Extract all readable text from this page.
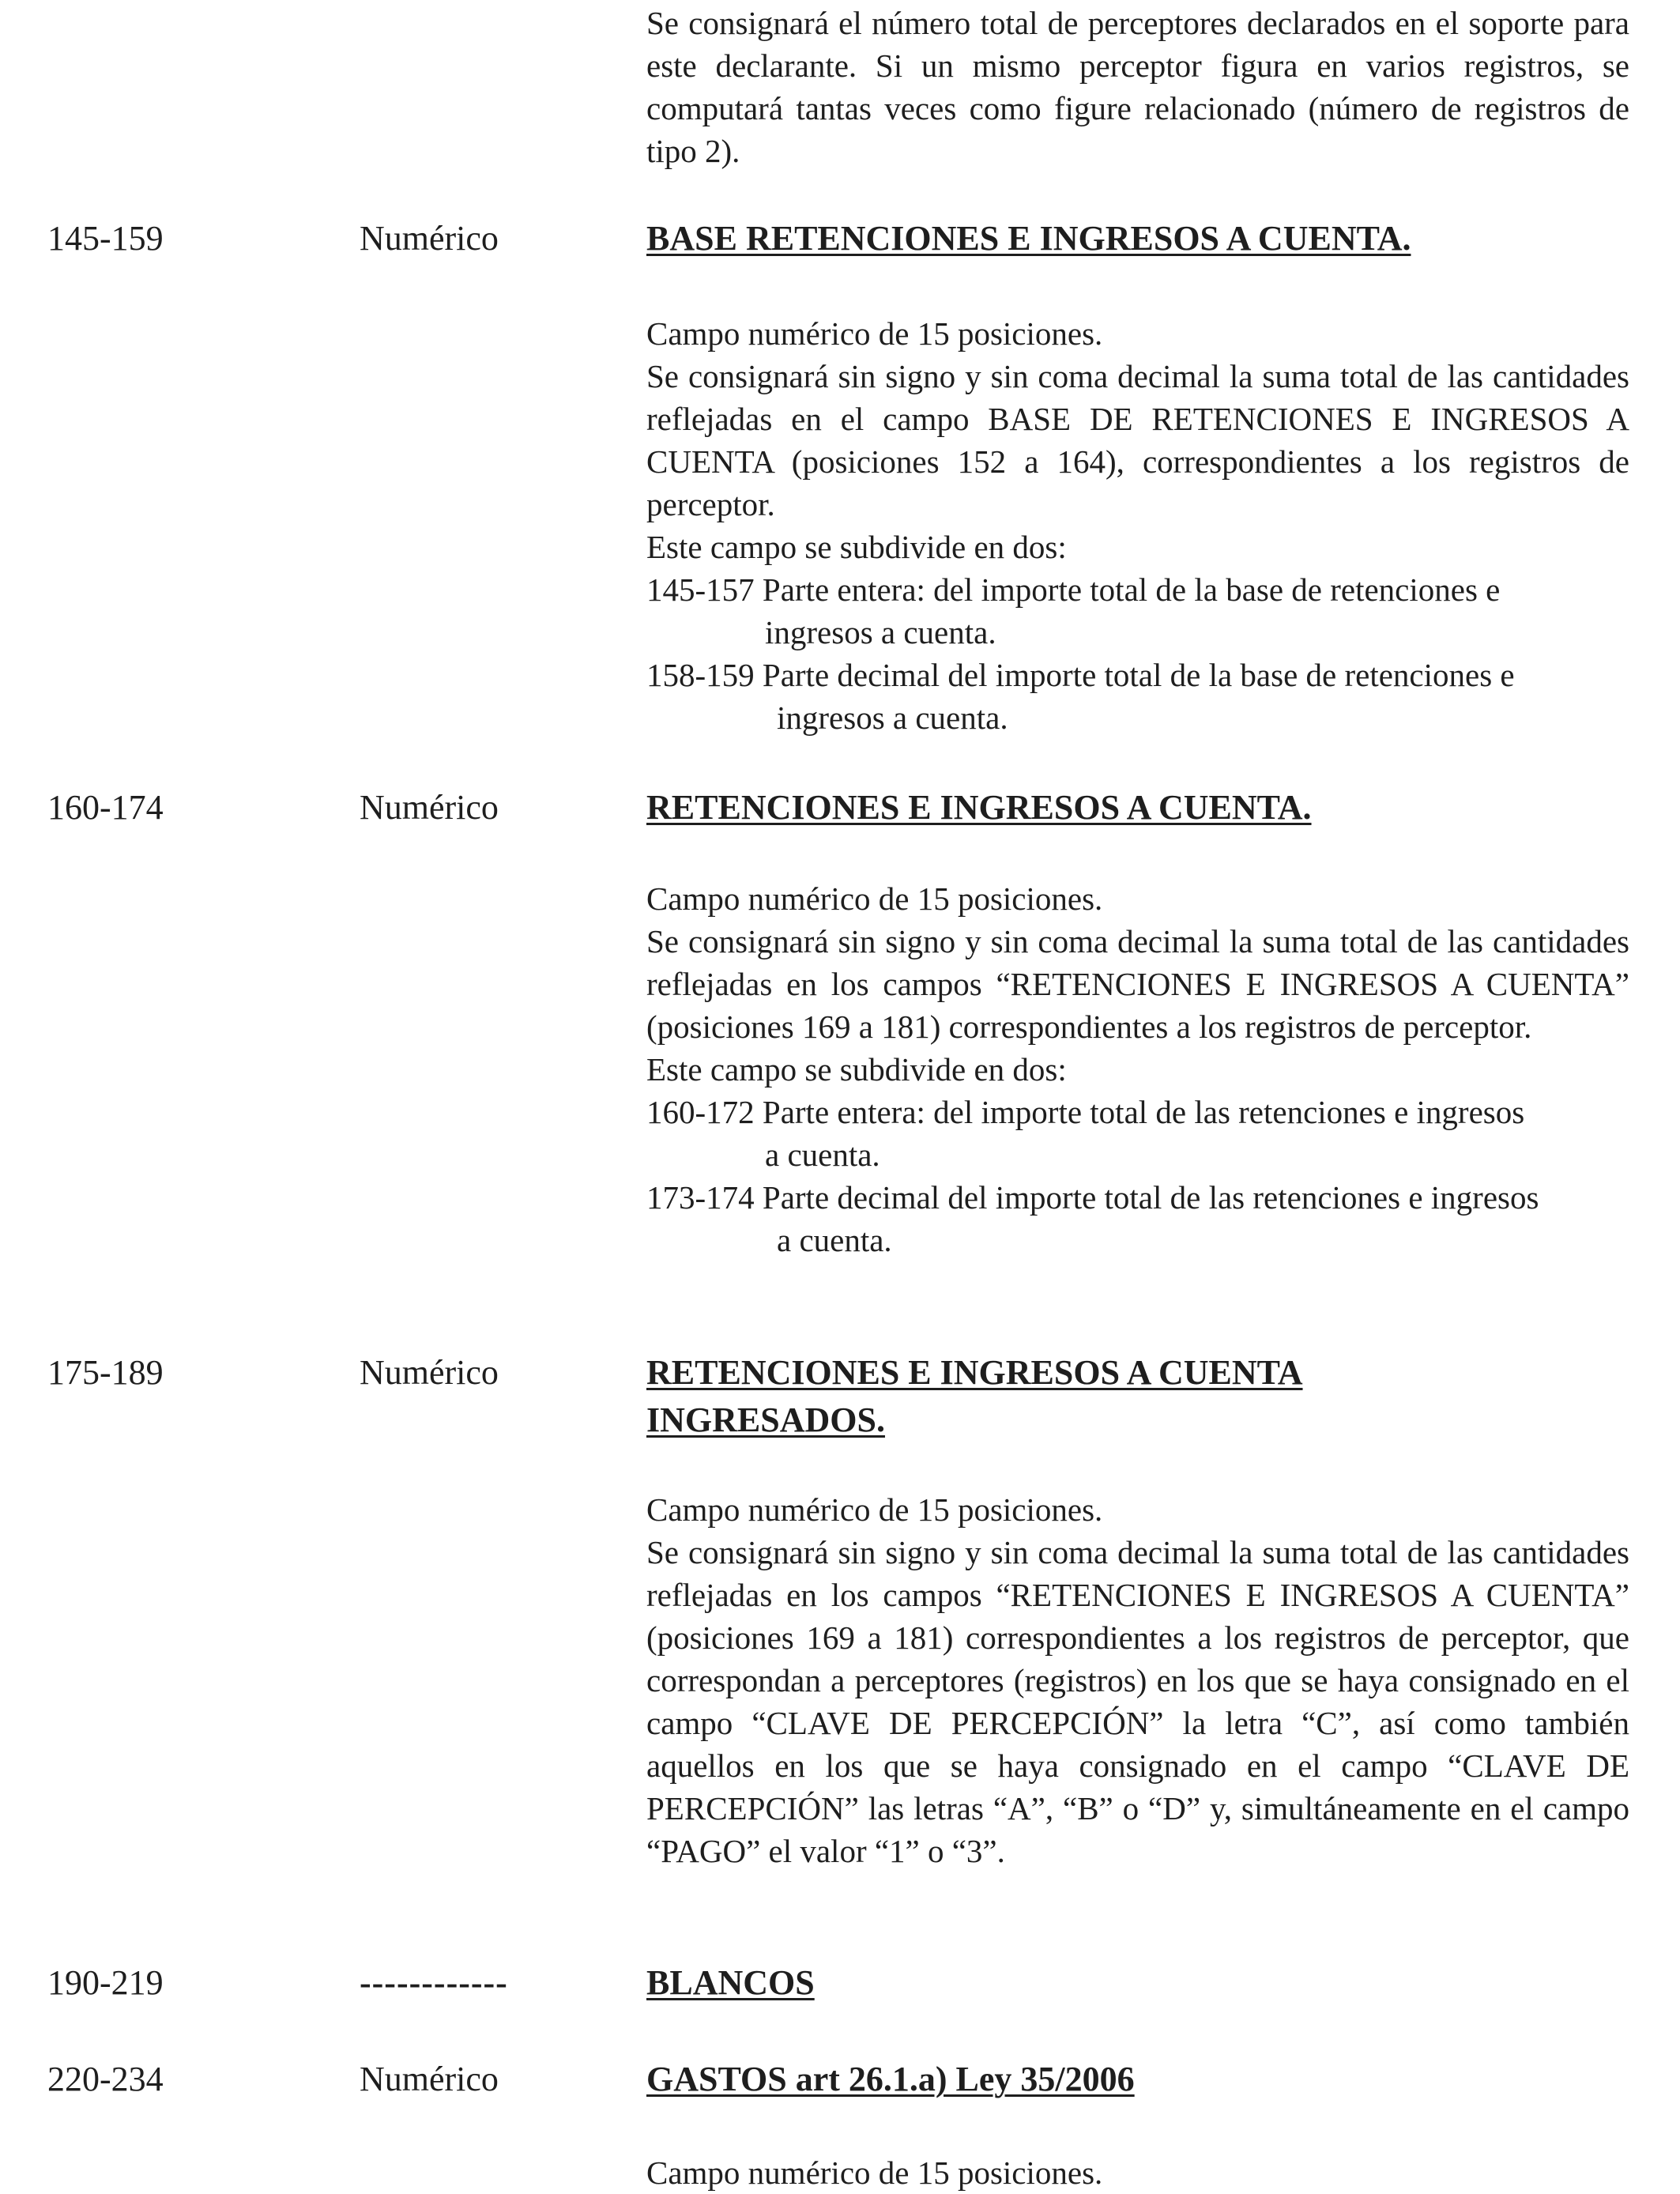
Se consignará el número total de perceptores declarados en el soporte para este declarante. Si un mismo perceptor figura en varios registros, se computará tantas veces como figure relacionado (número de registros de tipo 2).

145-159	Numérico	BASE RETENCIONES E INGRESOS A CUENTA.

Campo numérico de 15 posiciones.

Se consignará sin signo y sin coma decimal la suma total de las cantidades reflejadas en el campo BASE DE RETENCIONES E INGRESOS A CUENTA (posiciones 152 a 164), correspondientes a los registros de perceptor.

Este campo se subdivide en dos:

145-157 Parte entera: del importe total de la base de retenciones e
ingresos a cuenta.
158-159 Parte decimal del importe total de la base de retenciones e
ingresos a cuenta.
160-174	Numérico	RETENCIONES E INGRESOS A CUENTA.

Campo numérico de 15 posiciones.

Se consignará sin signo y sin coma decimal la suma total de las cantidades reflejadas en los campos “RETENCIONES E INGRESOS A CUENTA” (posiciones 169 a 181) correspondientes a los registros de perceptor.

Este campo se subdivide en dos:

160-172 Parte entera: del importe total de las retenciones e ingresos
a cuenta.
173-174 Parte decimal del importe total de las retenciones e ingresos
a cuenta.
175-189	Numérico	RETENCIONES E INGRESOS A CUENTA
INGRESADOS.

Campo numérico de 15 posiciones.

Se consignará sin signo y sin coma decimal la suma total de las cantidades reflejadas en los campos “RETENCIONES E INGRESOS A CUENTA” (posiciones 169 a 181) correspondientes a los registros de perceptor, que correspondan a perceptores (registros) en los que se haya consignado en el campo “CLAVE DE PERCEPCIÓN” la letra “C”, así como también aquellos en los que se haya consignado en el campo “CLAVE DE PERCEPCIÓN” las letras “A”, “B” o “D” y, simultáneamente en el campo “PAGO” el valor “1” o “3”.

190-219	------------	BLANCOS
220-234	Numérico	GASTOS art 26.1.a) Ley 35/2006

Campo numérico de 15 posiciones.
